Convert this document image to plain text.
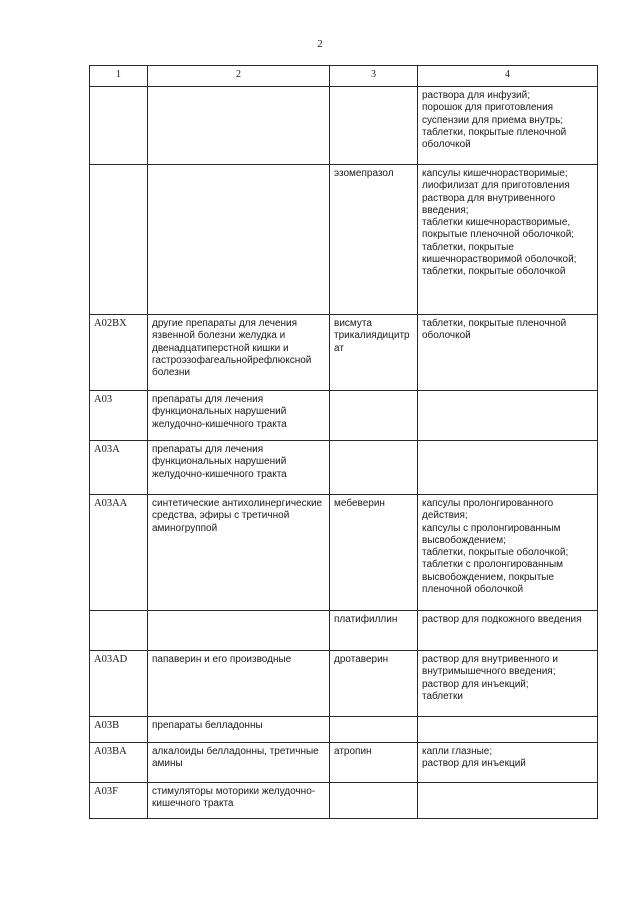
2
1	2	3	4
			раствора для инфузий;
порошок для приготовления суспензии для приема внутрь;
таблетки, покрытые пленочной оболочкой
		эзомепразол	капсулы кишечнорастворимые;
лиофилизат для приготовления раствора для внутривенного введения;
таблетки кишечнорастворимые, покрытые пленочной оболочкой;
таблетки, покрытые кишечнорастворимой оболочкой;
таблетки, покрытые оболочкой
A02BX	другие препараты для лечения язвенной болезни желудка и двенадцатиперстной кишки и гастроэзофагеальнойрефлюксной болезни	висмута трикалиядицитрат	таблетки, покрытые пленочной оболочкой
A03	препараты для лечения функциональных нарушений желудочно-кишечного тракта		
A03A	препараты для лечения функциональных нарушений желудочно-кишечного тракта		
A03AA	синтетические антихолинергические средства, эфиры с третичной аминогруппой	мебеверин	капсулы пролонгированного действия;
капсулы с пролонгированным высвобождением;
таблетки, покрытые оболочкой;
таблетки с пролонгированным высвобождением, покрытые пленочной оболочкой
		платифиллин	раствор для подкожного введения
A03AD	папаверин и его производные	дротаверин	раствор для внутривенного и внутримышечного введения;
раствор для инъекций;
таблетки
A03B	препараты белладонны		
A03BA	алкалоиды белладонны, третичные амины	атропин	капли глазные;
раствор для инъекций
A03F	стимуляторы моторики желудочно-кишечного тракта		
